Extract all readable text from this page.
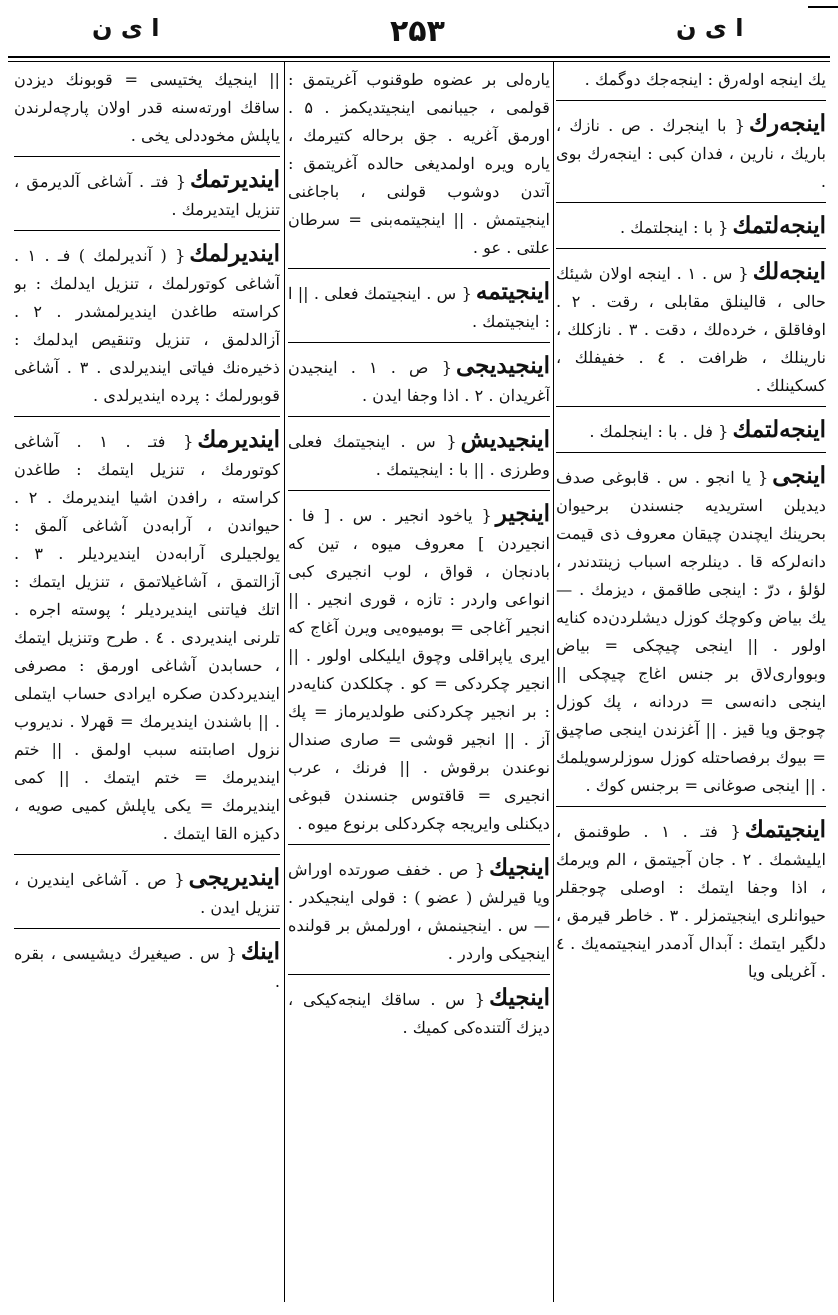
ا ی ن	۲۵۳	ا ی ن
یك اینجه اوله‌رق : اینجه‌جك دوگمك .
اینجه‌رك{ با اینجرك . ص . نازك ، باریك ، نارین ، فدان كبی : اینجه‌رك بوی .
اینجه‌لتمك{ با : اینجلتمك .
اینجه‌لك{ س . ۱ . اینجه اولان شیئك حالی ، قالینلق مقابلی ، رقت . ۲ . اوفاقلق ، خرده‌لك ، دقت . ۳ . نازكلك ، نارینلك ، ظرافت . ٤ . خفیفلك ، كسكینلك .
اینجه‌لتمك{ فل . با : اینجلمك .
اینجی{ یا انجو . س . قابوغی صدف دیدیلن استریدیه جنسندن برحیوان بحرینك ایچندن چیقان معروف ذی قیمت دانه‌لركه قا . دینلرجه اسباب زینتدندر ، لؤلؤ ، درّ : اینجی طاقمق ، دیزمك . — یك بیاض وكوچك كوزل دیشلردن‌ده كنایه اولور . || اینجی چیچكی = بیاض وبوواری‌لاق بر جنس اغاج چیچكی || اینجی دانه‌سی = دردانه ، پك كوزل چوجق ویا قیز . || آغزندن اینجی صاچیق = بیوك برفصاحتله كوزل سوزلرسویلمك . || اینجی صوغانی = برجنس كوك .
اینجیتمك{ فتـ . ۱ . طوقنمق ، ایلیشمك . ۲ . جان آجیتمق ، الم ویرمك ، اذا وجفا ایتمك : اوصلی چوجقلر حیوانلری اینجیتمزلر . ۳ . خاطر قیرمق ، دلگیر ایتمك : آبدال آدمدر اینجیتمه‌یك . ٤ . آغریلی ویا
یاره‌لی بر عضوه طوقنوب آغریتمق : قولمی ، جیبانمی اینجیتدیكمز . ۵ . اورمق آغریه . جق برحاله كتیرمك ، یاره ویره اولمدیغی حالده آغریتمق : آتدن دوشوب قولنی ، باجاغنی اینجیتمش . || اینجیتمه‌بنی = سرطان علتی . عو .
اینجیتمه{ س . اینجیتمك فعلی . || ا : اینجیتمك .
اینجیدیجی{ ص . ۱ . اینجیدن آغریدان . ۲ . اذا وجفا ایدن .
اینجیدیش{ س . اینجیتمك فعلی وطرزی . || با : اینجیتمك .
اینجیر{ یاخود انجیر . س . [ فا . انجیردن ] معروف میوه ، تین كه بادنجان ، قواق ، لوب انجیری كبی انواعی واردر : تازه ، قوری انجیر . || انجیر آغاجی = بومیوه‌یی ویرن آغاج كه ایری یاپراقلی وچوق ایلیكلی اولور . || انجیر چكردكی = كو . چكلكدن كنایه‌در : بر انجیر چكردكنی طولدیرماز = پك آز . || انجیر قوشی = صاری صندال نوعندن برقوش . || فرنك ، عرب انجیری = قاقتوس جنسندن قبوغی دیكنلی وایریجه چكردكلی برنوع میوه .
اینجیك{ ص . خفف صورتده اوراش ویا قیرلش ( عضو ) : قولی اینجیكدر . — س . اینجینمش ، اورلمش بر قولنده اینجیكی واردر .
اینجیك{ س . ساقك اینجه‌كیكی ، دیزك آلتنده‌كی كمیك .
|| اینجیك یختیسی = قوبونك دیزدن ساقك اورته‌سنه قدر اولان پارچه‌لرندن یاپلش مخوددلی یخی .
ایندیرتمك{ فتـ . آشاغی آلدیرمق ، تنزیل ایتدیرمك .
ایندیرلمك{ ( آندیرلمك ) فـ . ۱ . آشاغی كوتورلمك ، تنزیل ایدلمك : بو كراسته طاغدن ایندیرلمشدر . ۲ . آزالدلمق ، تنزیل وتنقیص ایدلمك : ذخیره‌نك فیاتی ایندیرلدی . ۳ . آشاغی قوبورلمك : پرده ایندیرلدی .
ایندیرمك{ فتـ . ۱ . آشاغی كوتورمك ، تنزیل ایتمك : طاغدن كراسته ، رافدن اشیا ایندیرمك . ۲ . حیواندن ، آرابه‌دن آشاغی آلمق : یولجیلری آرابه‌دن ایندیردیلر . ۳ . آزالتمق ، آشاغیلاتمق ، تنزیل ایتمك : اتك فیاتنی ایندیردیلر ؛ پوسته اجره . تلرنی ایندیردی . ٤ . طرح وتنزیل ایتمك ، حسابدن آشاغی اورمق : مصرفی ایندیردكدن صكره ایرادی حساب ایتملی . || باشندن ایندیرمك = قهرلا . ندیروب نزول اصابتنه سبب اولمق . || ختم ایندیرمك = ختم ایتمك . || كمی ایندیرمك = یكی یاپلش كمیی صویه ، دكیزه القا ایتمك .
ایندیریجی{ ص . آشاغی ایندیرن ، تنزیل ایدن .
اینك{ س . صیغیرك دیشیسی ، بقره .
